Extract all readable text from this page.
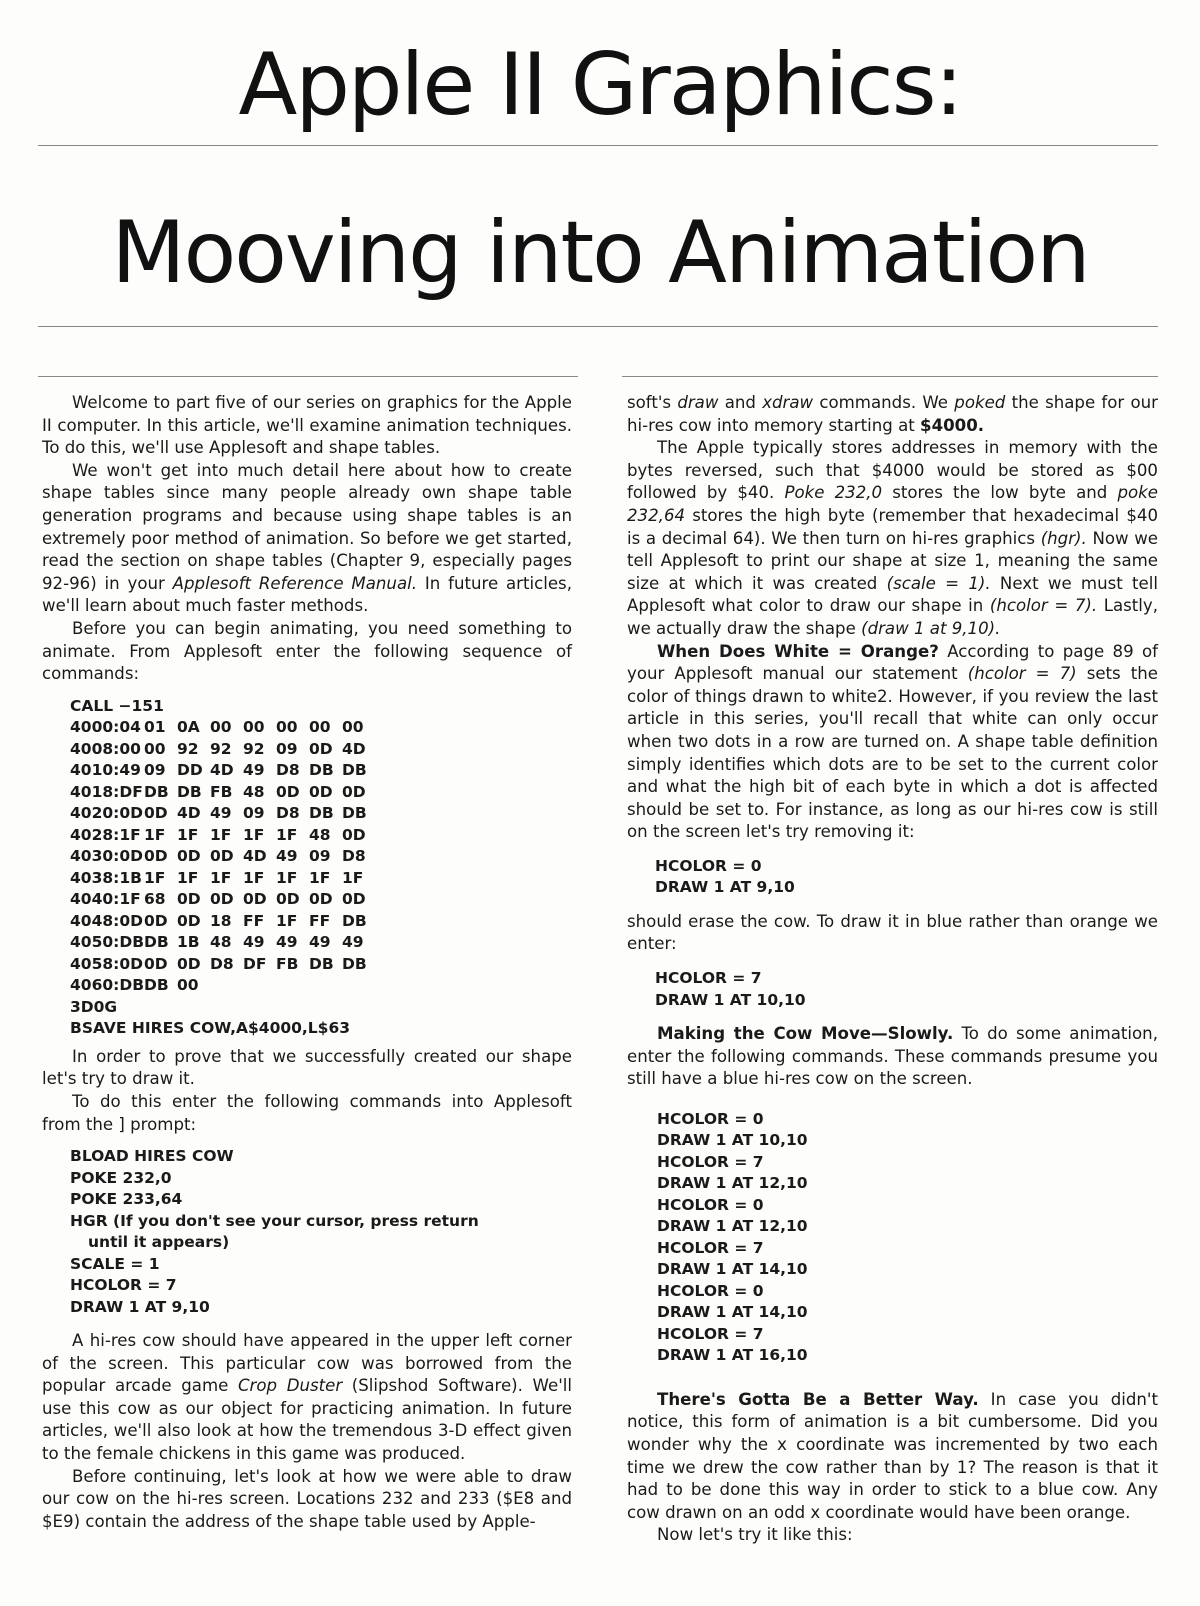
Apple II Graphics:
Mooving into Animation

Welcome to part five of our series on graphics for the Apple II computer. In this article, we'll examine animation techniques. To do this, we'll use Applesoft and shape tables.

We won't get into much detail here about how to create shape tables since many people already own shape table generation programs and because using shape tables is an extremely poor method of animation. So before we get started, read the section on shape tables (Chapter 9, especially pages 92-96) in your Applesoft Reference Manual. In future articles, we'll learn about much faster methods.

Before you can begin animating, you need something to animate. From Applesoft enter the following sequence of commands:

CALL −151
4000:04 01 0A 00 00 00 00 00
4008:00 00 92 92 92 09 0D 4D
4010:49 09 DD 4D 49 D8 DB DB
4018:DF DB DB FB 48 0D 0D 0D
4020:0D 0D 4D 49 09 D8 DB DB
4028:1F 1F 1F 1F 1F 1F 48 0D
4030:0D 0D 0D 0D 4D 49 09 D8
4038:1B 1F 1F 1F 1F 1F 1F 1F
4040:1F 68 0D 0D 0D 0D 0D 0D
4048:0D 0D 0D 18 FF 1F FF DB
4050:DB DB 1B 48 49 49 49 49
4058:0D 0D 0D D8 DF FB DB DB
4060:DB DB 00
3D0G
BSAVE HIRES COW,A$4000,L$63

In order to prove that we successfully created our shape let's try to draw it.

To do this enter the following commands into Applesoft from the ] prompt:

BLOAD HIRES COW
POKE 232,0
POKE 233,64
HGR (If you don't see your cursor, press return
until it appears)
SCALE = 1
HCOLOR = 7
DRAW 1 AT 9,10

A hi-res cow should have appeared in the upper left corner of the screen. This particular cow was borrowed from the popular arcade game Crop Duster (Slipshod Software). We'll use this cow as our object for practicing animation. In future articles, we'll also look at how the tremendous 3-D effect given to the female chickens in this game was produced.

Before continuing, let's look at how we were able to draw our cow on the hi-res screen. Locations 232 and 233 ($E8 and $E9) contain the address of the shape table used by Apple-

soft's draw and xdraw commands. We poked the shape for our hi-res cow into memory starting at $4000.

The Apple typically stores addresses in memory with the bytes reversed, such that $4000 would be stored as $00 followed by $40. Poke 232,0 stores the low byte and poke 232,64 stores the high byte (remember that hexadecimal $40 is a decimal 64). We then turn on hi-res graphics (hgr). Now we tell Applesoft to print our shape at size 1, meaning the same size at which it was created (scale = 1). Next we must tell Applesoft what color to draw our shape in (hcolor = 7). Lastly, we actually draw the shape (draw 1 at 9,10).

When Does White = Orange? According to page 89 of your Applesoft manual our statement (hcolor = 7) sets the color of things drawn to white2. However, if you review the last article in this series, you'll recall that white can only occur when two dots in a row are turned on. A shape table definition simply identifies which dots are to be set to the current color and what the high bit of each byte in which a dot is affected should be set to. For instance, as long as our hi-res cow is still on the screen let's try removing it:

HCOLOR = 0
DRAW 1 AT 9,10

should erase the cow. To draw it in blue rather than orange we enter:

HCOLOR = 7
DRAW 1 AT 10,10

Making the Cow Move—Slowly. To do some animation, enter the following commands. These commands presume you still have a blue hi-res cow on the screen.

HCOLOR = 0
DRAW 1 AT 10,10
HCOLOR = 7
DRAW 1 AT 12,10
HCOLOR = 0
DRAW 1 AT 12,10
HCOLOR = 7
DRAW 1 AT 14,10
HCOLOR = 0
DRAW 1 AT 14,10
HCOLOR = 7
DRAW 1 AT 16,10

There's Gotta Be a Better Way. In case you didn't notice, this form of animation is a bit cumbersome. Did you wonder why the x coordinate was incremented by two each time we drew the cow rather than by 1? The reason is that it had to be done this way in order to stick to a blue cow. Any cow drawn on an odd x coordinate would have been orange.

Now let's try it like this:
